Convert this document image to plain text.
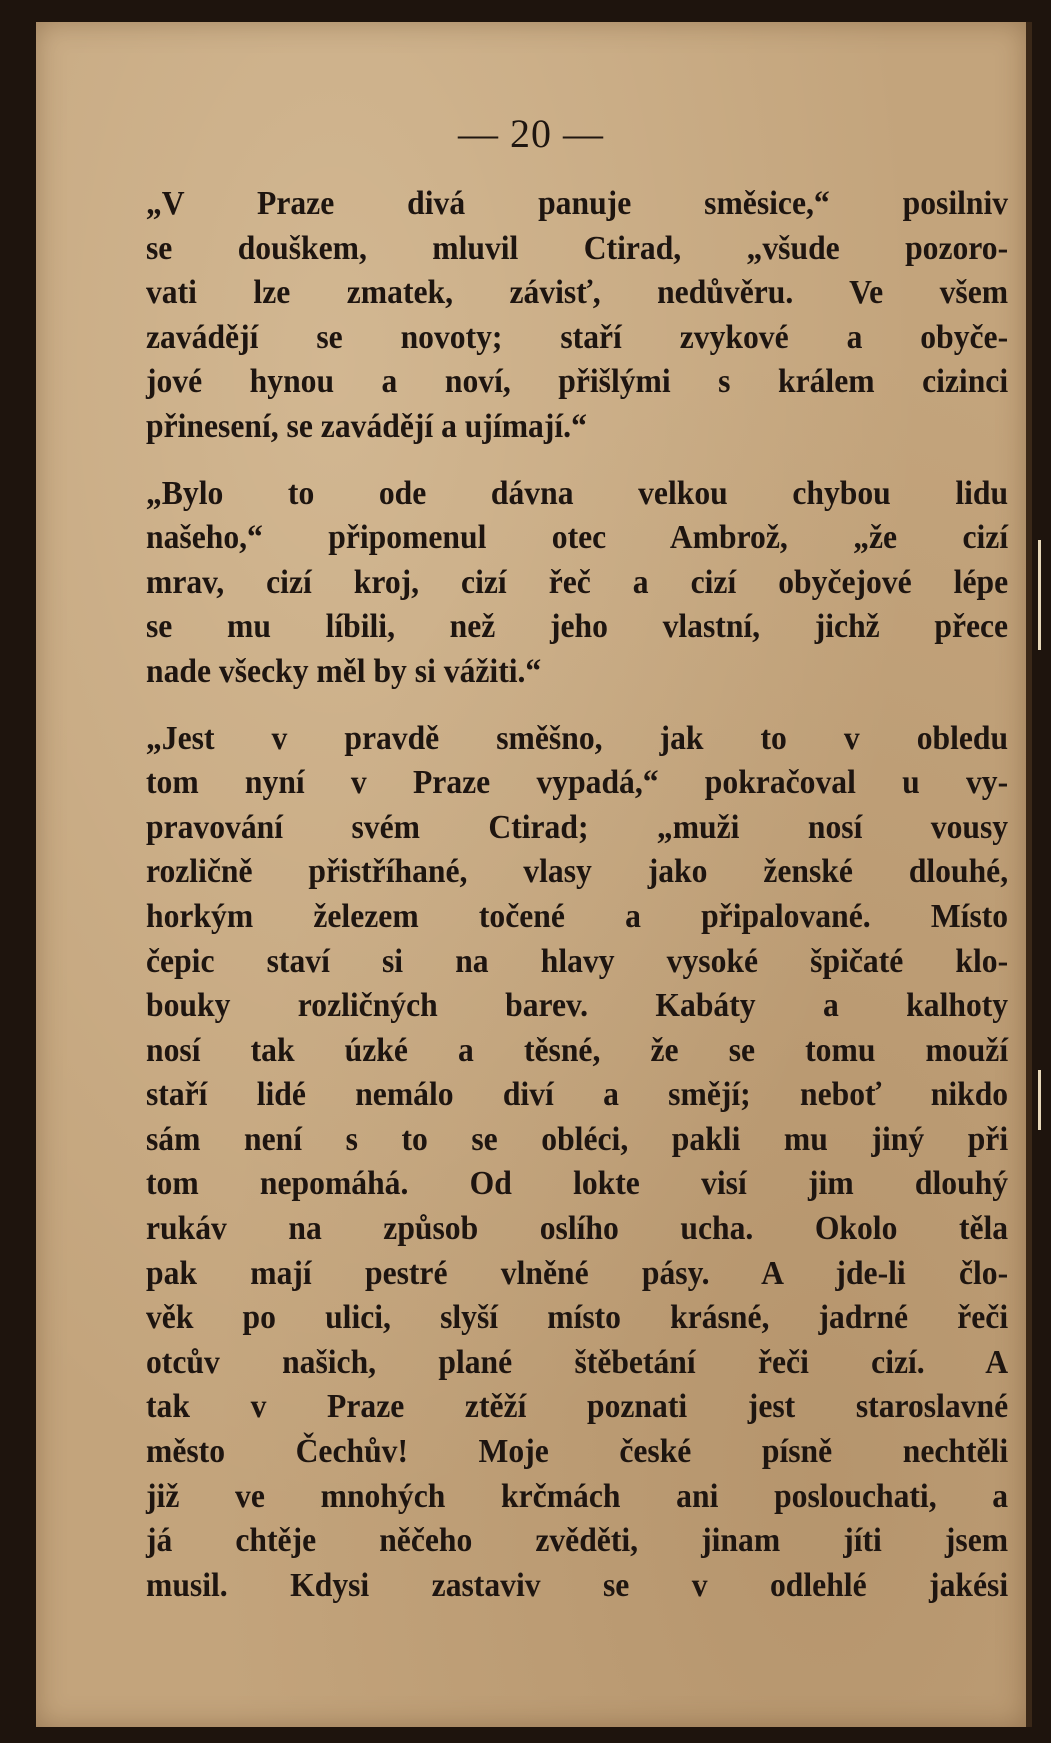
— 20 —
„V Praze divá panuje směsice,“ posilniv
se douškem, mluvil Ctirad, „všude pozoro-
vati lze zmatek, závisť, nedůvěru. Ve všem
zavádějí se novoty; staří zvykové a obyče-
jové hynou a noví, přišlými s králem cizinci
přinesení, se zavádějí a ujímají.“
„Bylo to ode dávna velkou chybou lidu
našeho,“ připomenul otec Ambrož, „že cizí
mrav, cizí kroj, cizí řeč a cizí obyčejové lépe
se mu líbili, než jeho vlastní, jichž přece
nade všecky měl by si vážiti.“
„Jest v pravdě směšno, jak to v obledu
tom nyní v Praze vypadá,“ pokračoval u vy-
pravování svém Ctirad; „muži nosí vousy
rozličně přistříhané, vlasy jako ženské dlouhé,
horkým železem točené a připalované. Místo
čepic staví si na hlavy vysoké špičaté klo-
bouky rozličných barev. Kabáty a kalhoty
nosí tak úzké a těsné, že se tomu mouží
staří lidé nemálo diví a smějí; neboť nikdo
sám není s to se obléci, pakli mu jiný při
tom nepomáhá. Od lokte visí jim dlouhý
rukáv na způsob oslího ucha. Okolo těla
pak mají pestré vlněné pásy. A jde-li člo-
věk po ulici, slyší místo krásné, jadrné řeči
otcův našich, plané štěbetání řeči cizí. A
tak v Praze ztěží poznati jest staroslavné
město Čechův! Moje české písně nechtěli
již ve mnohých krčmách ani poslouchati, a
já chtěje něčeho zvěděti, jinam jíti jsem
musil. Kdysi zastaviv se v odlehlé jakési
